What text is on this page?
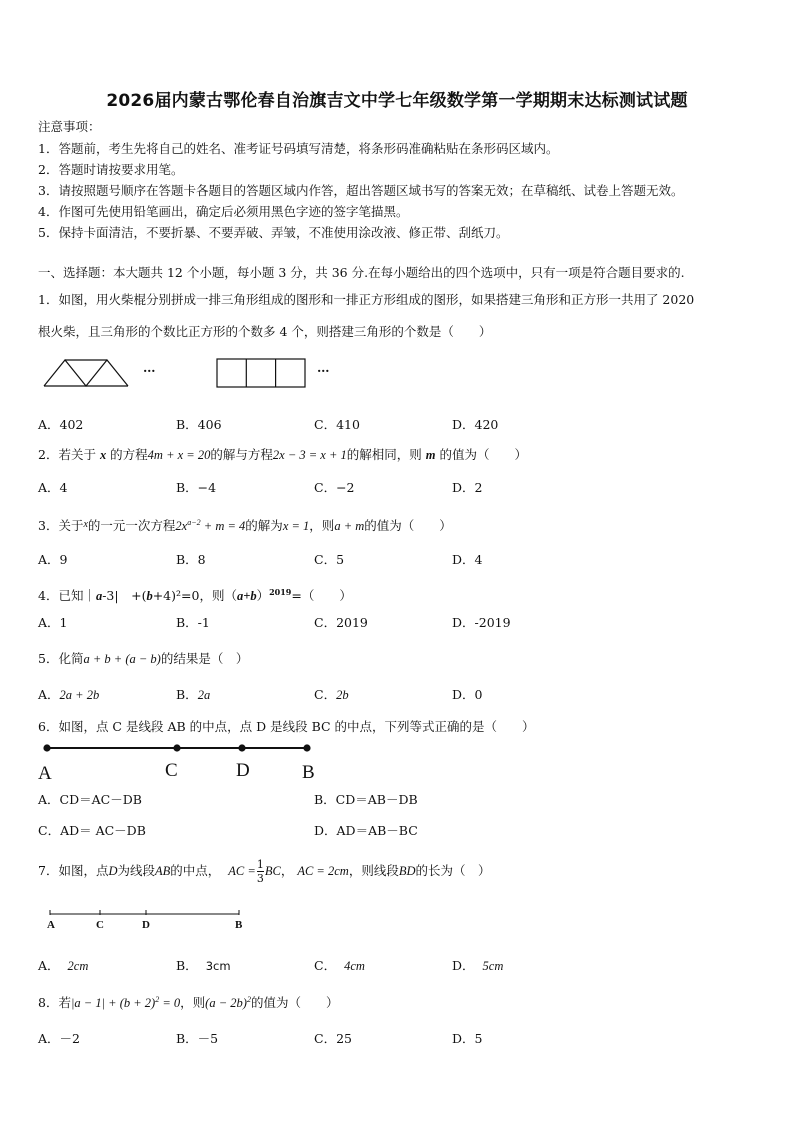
2026届内蒙古鄂伦春自治旗吉文中学七年级数学第一学期期末达标测试试题
注意事项：
1．答题前，考生先将自己的姓名、准考证号码填写清楚，将条形码准确粘贴在条形码区域内。
2．答题时请按要求用笔。
3．请按照题号顺序在答题卡各题目的答题区域内作答，超出答题区域书写的答案无效；在草稿纸、试卷上答题无效。
4．作图可先使用铅笔画出，确定后必须用黑色字迹的签字笔描黑。
5．保持卡面清洁，不要折暴、不要弄破、弄皱，不准使用涂改液、修正带、刮纸刀。
一、选择题：本大题共 12 个小题，每小题 3 分，共 36 分.在每小题给出的四个选项中，只有一项是符合题目要求的.
1．如图，用火柴棍分别拼成一排三角形组成的图形和一排正方形组成的图形，如果搭建三角形和正方形一共用了 2020
根火柴，且三角形的个数比正方形的个数多 4 个，则搭建三角形的个数是（　　）
…	…
A．402	B．406	C．410	D．420
2．若关于 x 的方程4m + x = 20的解与方程2x − 3 = x + 1的解相同，则 m 的值为（　　）
A．4	B．−4	C．−2	D．2
3．关于$^x$的一元一次方程$2x^{a-2} + m = 4$的解为x = 1，则a + m的值为（　　）
A．9	B．8	C．5	D．4
4．已知｜a-3|　+(b+4)²=0，则$(a+b)^{2019}=$（　　）
A．1	B．-1	C．2019	D．-2019
5．化简a + b + (a − b)的结果是（　）
A．2a + 2b	B．2a	C．2b	D．0
6．如图，点 C 是线段 AB 的中点，点 D 是线段 BC 的中点，下列等式正确的是（　　）
A	C	D	B
A．CD＝AC－DB	B．CD＝AB－DB
C．AD＝ AC－DB	D．AD＝AB－BC
7．如图，点D为线段AB的中点， AC = $\frac{1}{3}$ BC， AC = 2cm，则线段BD的长为（　）
A	C	D	B
A． 2cm	B． 3cm	C． 4cm	D． 5cm
8．若$|a - 1| + (b + 2)^2 = 0$，则$(a - 2b)^2$的值为（　　）
A．－2	B．－5	C．25	D．5
